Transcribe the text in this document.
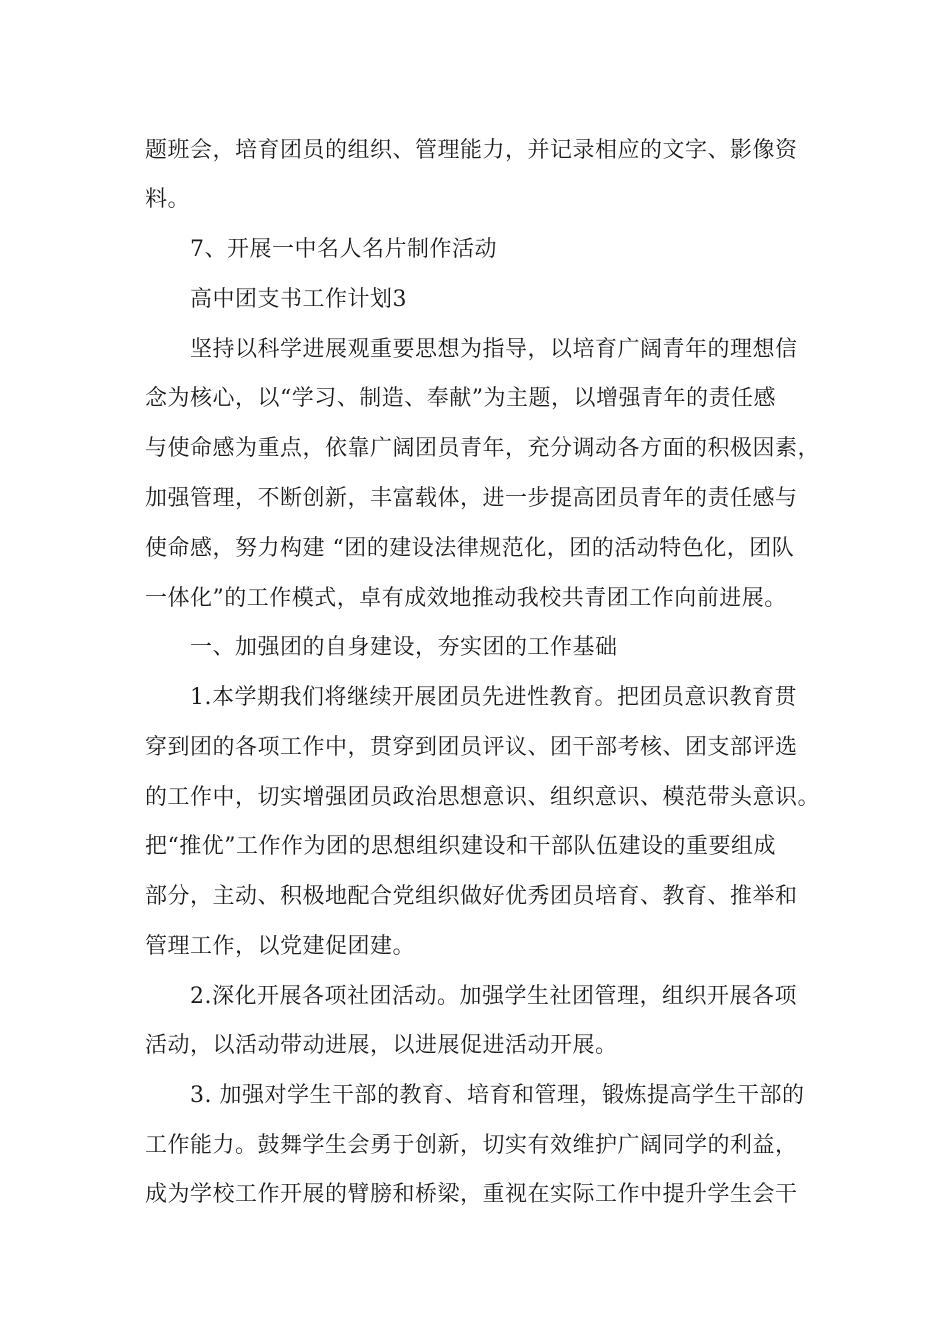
题班会，培育团员的组织、管理能力，并记录相应的文字、影像资
料。
7、开展一中名人名片制作活动
高中团支书工作计划3
坚持以科学进展观重要思想为指导，以培育广阔青年的理想信
念为核心，以“学习、制造、奉献”为主题，以增强青年的责任感
与使命感为重点，依靠广阔团员青年，充分调动各方面的积极因素，
加强管理，不断创新，丰富载体，进一步提高团员青年的责任感与
使命感，努力构建 “团的建设法律规范化，团的活动特色化，团队
一体化”的工作模式，卓有成效地推动我校共青团工作向前进展。
一、加强团的自身建设，夯实团的工作基础
1.本学期我们将继续开展团员先进性教育。把团员意识教育贯
穿到团的各项工作中，贯穿到团员评议、团干部考核、团支部评选
的工作中，切实增强团员政治思想意识、组织意识、模范带头意识。
把“推优”工作作为团的思想组织建设和干部队伍建设的重要组成
部分，主动、积极地配合党组织做好优秀团员培育、教育、推举和
管理工作，以党建促团建。
2.深化开展各项社团活动。加强学生社团管理，组织开展各项
活动，以活动带动进展，以进展促进活动开展。
3. 加强对学生干部的教育、培育和管理，锻炼提高学生干部的
工作能力。鼓舞学生会勇于创新，切实有效维护广阔同学的利益，
成为学校工作开展的臂膀和桥梁，重视在实际工作中提升学生会干
